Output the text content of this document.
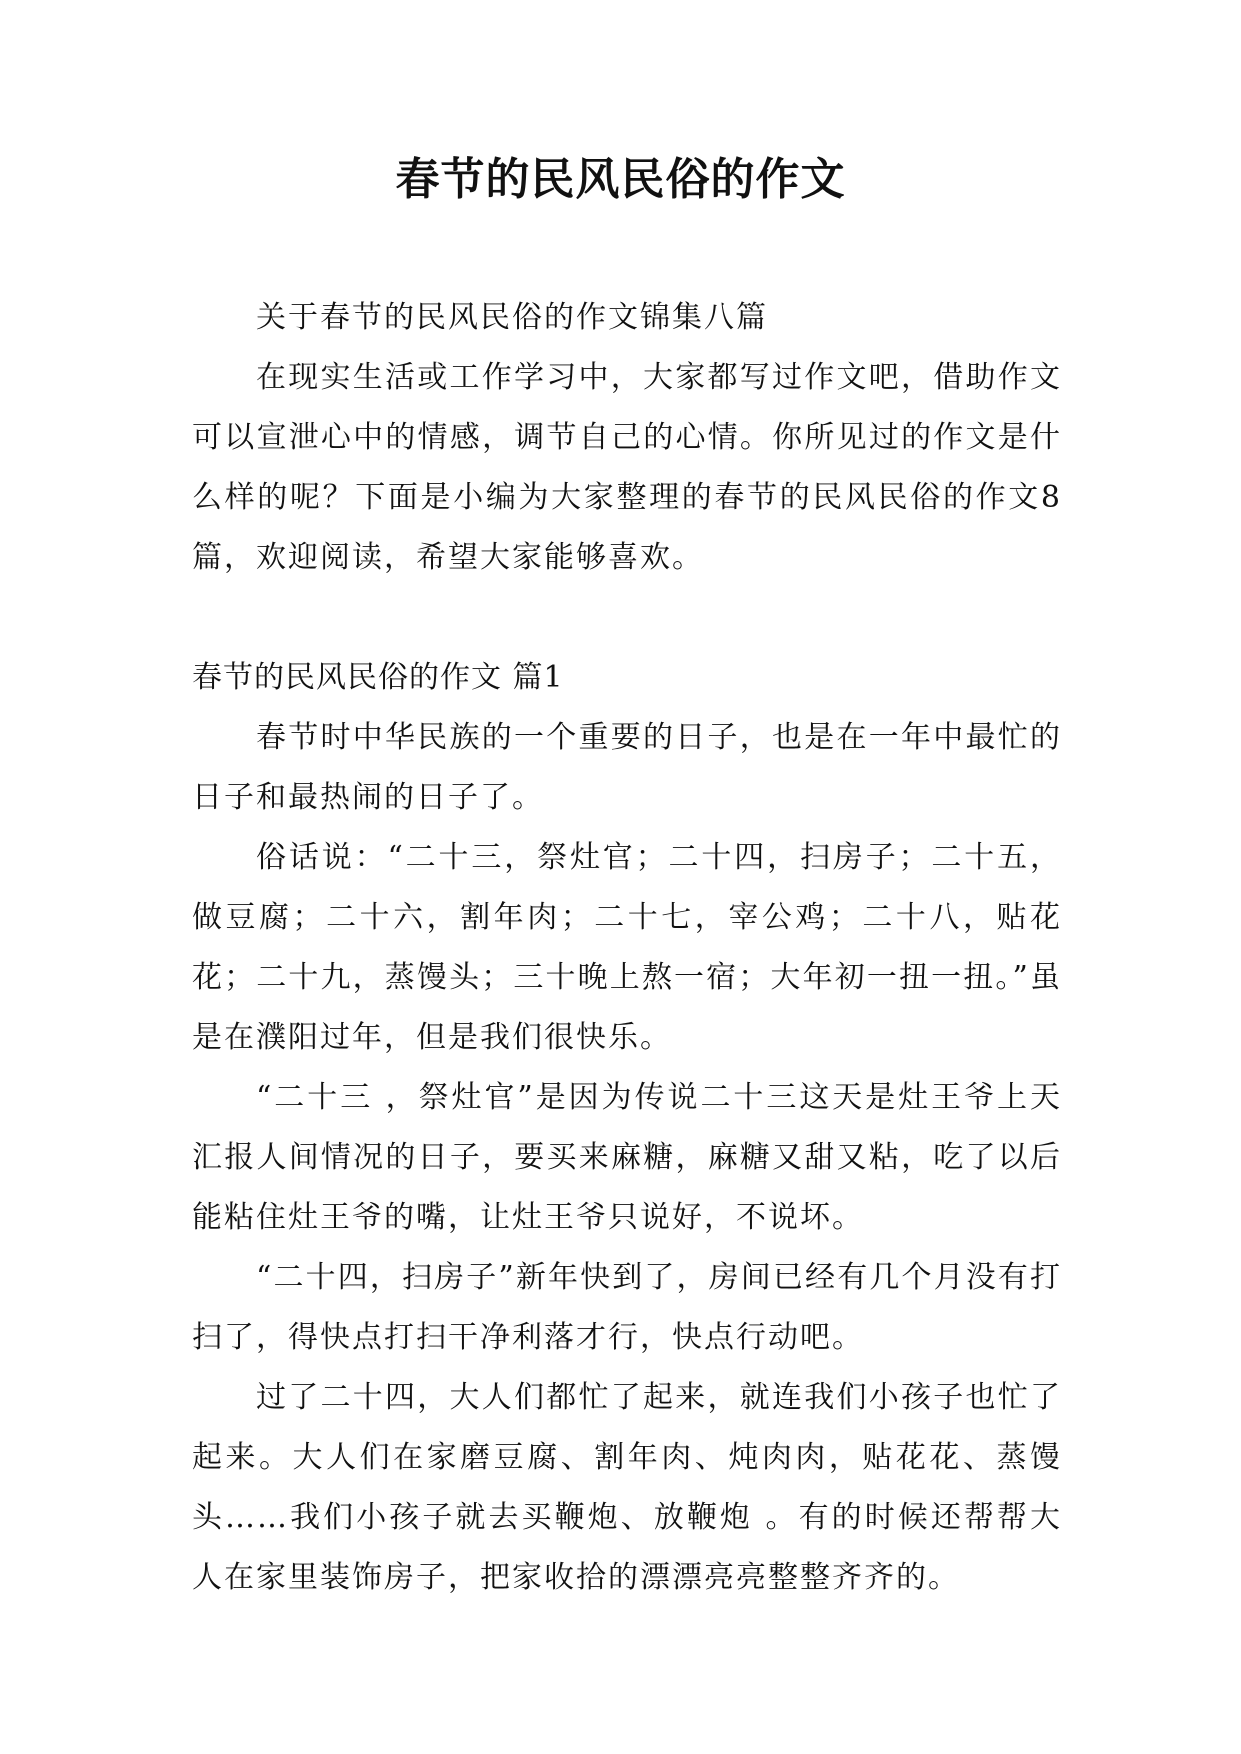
春节的民风民俗的作文

关于春节的民风民俗的作文锦集八篇

在现实生活或工作学习中，大家都写过作文吧，借助作文可以宣泄心中的情感，调节自己的心情。你所见过的作文是什么样的呢？下面是小编为大家整理的春节的民风民俗的作文8篇，欢迎阅读，希望大家能够喜欢。

春节的民风民俗的作文 篇1

春节时中华民族的一个重要的日子，也是在一年中最忙的日子和最热闹的日子了。

俗话说：“二十三，祭灶官；二十四，扫房子；二十五，做豆腐；二十六，割年肉；二十七，宰公鸡；二十八，贴花花；二十九，蒸馒头；三十晚上熬一宿；大年初一扭一扭。”虽是在濮阳过年，但是我们很快乐。

“二十三 ，祭灶官”是因为传说二十三这天是灶王爷上天汇报人间情况的日子，要买来麻糖，麻糖又甜又粘，吃了以后能粘住灶王爷的嘴，让灶王爷只说好，不说坏。

“二十四，扫房子”新年快到了，房间已经有几个月没有打扫了，得快点打扫干净利落才行，快点行动吧。

过了二十四，大人们都忙了起来，就连我们小孩子也忙了起来。大人们在家磨豆腐、割年肉、炖肉肉，贴花花、蒸馒头……我们小孩子就去买鞭炮、放鞭炮 。有的时候还帮帮大人在家里装饰房子，把家收拾的漂漂亮亮整整齐齐的。
